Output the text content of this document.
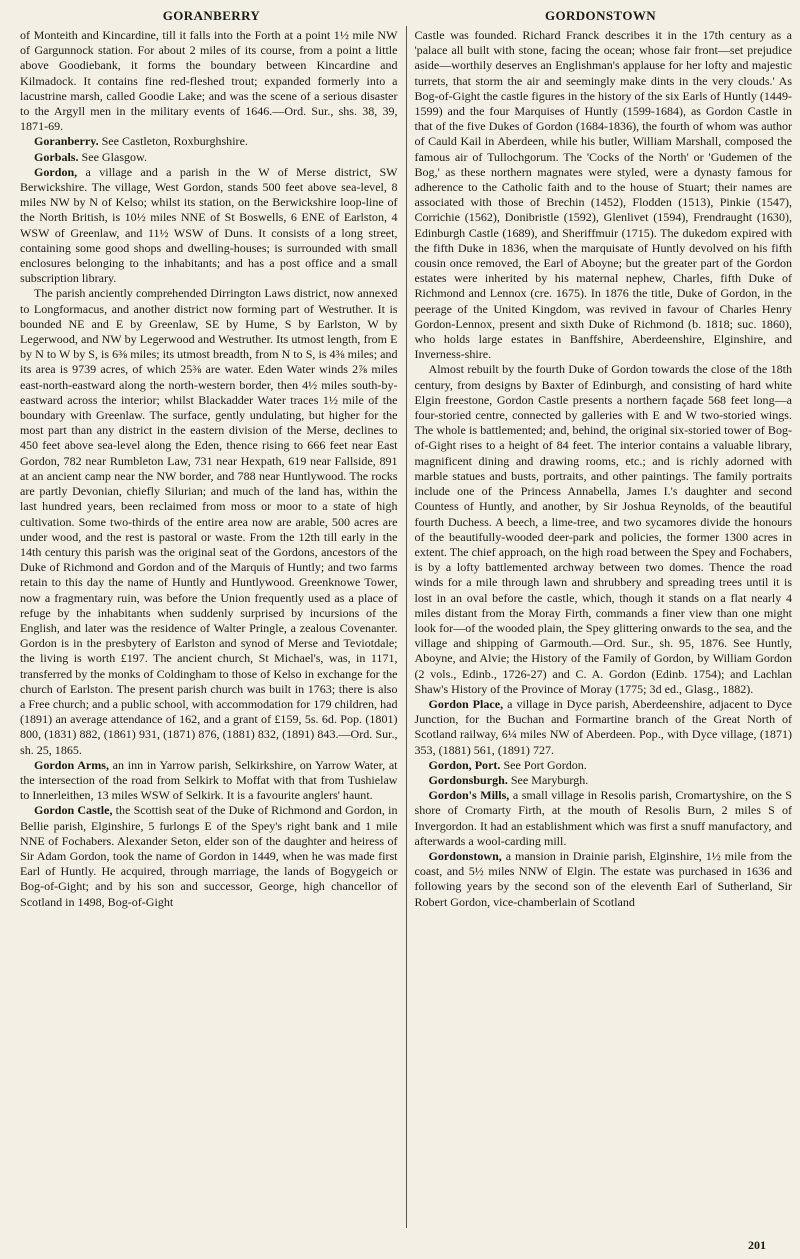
GORANBERRY	GORDONSTOWN

of Monteith and Kincardine, till it falls into the Forth at a point 1½ mile NW of Gargunnock station. For about 2 miles of its course, from a point a little above Goodiebank, it forms the boundary between Kincardine and Kilmadock. It contains fine red-fleshed trout; expanded formerly into a lacustrine marsh, called Goodie Lake; and was the scene of a serious disaster to the Argyll men in the military events of 1646.—Ord. Sur., shs. 38, 39, 1871-69.

Goranberry. See Castleton, Roxburghshire.

Gorbals. See Glasgow.

Gordon, a village and a parish in the W of Merse district, SW Berwickshire. The village, West Gordon, stands 500 feet above sea-level, 8 miles NW by N of Kelso; whilst its station, on the Berwickshire loop-line of the North British, is 10½ miles NNE of St Boswells, 6 ENE of Earlston, 4 WSW of Greenlaw, and 11½ WSW of Duns. It consists of a long street, containing some good shops and dwelling-houses; is surrounded with small enclosures belonging to the inhabitants; and has a post office and a small subscription library.

The parish anciently comprehended Dirrington Laws district, now annexed to Longformacus, and another district now forming part of Westruther. It is bounded NE and E by Greenlaw, SE by Hume, S by Earlston, W by Legerwood, and NW by Legerwood and Westruther. Its utmost length, from E by N to W by S, is 6⅜ miles; its utmost breadth, from N to S, is 4⅜ miles; and its area is 9739 acres, of which 25⅜ are water. Eden Water winds 2⅞ miles east-north-eastward along the north-western border, then 4½ miles south-by-eastward across the interior; whilst Blackadder Water traces 1½ mile of the boundary with Greenlaw. The surface, gently undulating, but higher for the most part than any district in the eastern division of the Merse, declines to 450 feet above sea-level along the Eden, thence rising to 666 feet near East Gordon, 782 near Rumbleton Law, 731 near Hexpath, 619 near Fallside, 891 at an ancient camp near the NW border, and 788 near Huntlywood. The rocks are partly Devonian, chiefly Silurian; and much of the land has, within the last hundred years, been reclaimed from moss or moor to a state of high cultivation. Some two-thirds of the entire area now are arable, 500 acres are under wood, and the rest is pastoral or waste. From the 12th till early in the 14th century this parish was the original seat of the Gordons, ancestors of the Duke of Richmond and Gordon and of the Marquis of Huntly; and two farms retain to this day the name of Huntly and Huntlywood. Greenknowe Tower, now a fragmentary ruin, was before the Union frequently used as a place of refuge by the inhabitants when suddenly surprised by incursions of the English, and later was the residence of Walter Pringle, a zealous Covenanter. Gordon is in the presbytery of Earlston and synod of Merse and Teviotdale; the living is worth £197. The ancient church, St Michael's, was, in 1171, transferred by the monks of Coldingham to those of Kelso in exchange for the church of Earlston. The present parish church was built in 1763; there is also a Free church; and a public school, with accommodation for 179 children, had (1891) an average attendance of 162, and a grant of £159, 5s. 6d. Pop. (1801) 800, (1831) 882, (1861) 931, (1871) 876, (1881) 832, (1891) 843.—Ord. Sur., sh. 25, 1865.

Gordon Arms, an inn in Yarrow parish, Selkirkshire, on Yarrow Water, at the intersection of the road from Selkirk to Moffat with that from Tushielaw to Innerleithen, 13 miles WSW of Selkirk. It is a favourite anglers' haunt.

Gordon Castle, the Scottish seat of the Duke of Richmond and Gordon, in Bellie parish, Elginshire, 5 furlongs E of the Spey's right bank and 1 mile NNE of Fochabers. Alexander Seton, elder son of the daughter and heiress of Sir Adam Gordon, took the name of Gordon in 1449, when he was made first Earl of Huntly. He acquired, through marriage, the lands of Bogygeich or Bog-of-Gight; and by his son and successor, George, high chancellor of Scotland in 1498, Bog-of-Gight

Castle was founded. Richard Franck describes it in the 17th century as a 'palace all built with stone, facing the ocean; whose fair front—set prejudice aside—worthily deserves an Englishman's applause for her lofty and majestic turrets, that storm the air and seemingly make dints in the very clouds.' As Bog-of-Gight the castle figures in the history of the six Earls of Huntly (1449-1599) and the four Marquises of Huntly (1599-1684), as Gordon Castle in that of the five Dukes of Gordon (1684-1836), the fourth of whom was author of Cauld Kail in Aberdeen, while his butler, William Marshall, composed the famous air of Tullochgorum. The 'Cocks of the North' or 'Gudemen of the Bog,' as these northern magnates were styled, were a dynasty famous for adherence to the Catholic faith and to the house of Stuart; their names are associated with those of Brechin (1452), Flodden (1513), Pinkie (1547), Corrichie (1562), Donibristle (1592), Glenlivet (1594), Frendraught (1630), Edinburgh Castle (1689), and Sheriffmuir (1715). The dukedom expired with the fifth Duke in 1836, when the marquisate of Huntly devolved on his fifth cousin once removed, the Earl of Aboyne; but the greater part of the Gordon estates were inherited by his maternal nephew, Charles, fifth Duke of Richmond and Lennox (cre. 1675). In 1876 the title, Duke of Gordon, in the peerage of the United Kingdom, was revived in favour of Charles Henry Gordon-Lennox, present and sixth Duke of Richmond (b. 1818; suc. 1860), who holds large estates in Banffshire, Aberdeenshire, Elginshire, and Inverness-shire.

Almost rebuilt by the fourth Duke of Gordon towards the close of the 18th century, from designs by Baxter of Edinburgh, and consisting of hard white Elgin freestone, Gordon Castle presents a northern façade 568 feet long—a four-storied centre, connected by galleries with E and W two-storied wings. The whole is battlemented; and, behind, the original six-storied tower of Bog-of-Gight rises to a height of 84 feet. The interior contains a valuable library, magnificent dining and drawing rooms, etc.; and is richly adorned with marble statues and busts, portraits, and other paintings. The family portraits include one of the Princess Annabella, James I.'s daughter and second Countess of Huntly, and another, by Sir Joshua Reynolds, of the beautiful fourth Duchess. A beech, a lime-tree, and two sycamores divide the honours of the beautifully-wooded deer-park and policies, the former 1300 acres in extent. The chief approach, on the high road between the Spey and Fochabers, is by a lofty battlemented archway between two domes. Thence the road winds for a mile through lawn and shrubbery and spreading trees until it is lost in an oval before the castle, which, though it stands on a flat nearly 4 miles distant from the Moray Firth, commands a finer view than one might look for—of the wooded plain, the Spey glittering onwards to the sea, and the village and shipping of Garmouth.—Ord. Sur., sh. 95, 1876. See Huntly, Aboyne, and Alvie; the History of the Family of Gordon, by William Gordon (2 vols., Edinb., 1726-27) and C. A. Gordon (Edinb. 1754); and Lachlan Shaw's History of the Province of Moray (1775; 3d ed., Glasg., 1882).

Gordon Place, a village in Dyce parish, Aberdeenshire, adjacent to Dyce Junction, for the Buchan and Formartine branch of the Great North of Scotland railway, 6¼ miles NW of Aberdeen. Pop., with Dyce village, (1871) 353, (1881) 561, (1891) 727.

Gordon, Port. See Port Gordon.

Gordonsburgh. See Maryburgh.

Gordon's Mills, a small village in Resolis parish, Cromartyshire, on the S shore of Cromarty Firth, at the mouth of Resolis Burn, 2 miles S of Invergordon. It had an establishment which was first a snuff manufactory, and afterwards a wool-carding mill.

Gordonstown, a mansion in Drainie parish, Elginshire, 1½ mile from the coast, and 5½ miles NNW of Elgin. The estate was purchased in 1636 and following years by the second son of the eleventh Earl of Sutherland, Sir Robert Gordon, vice-chamberlain of Scotland

201
